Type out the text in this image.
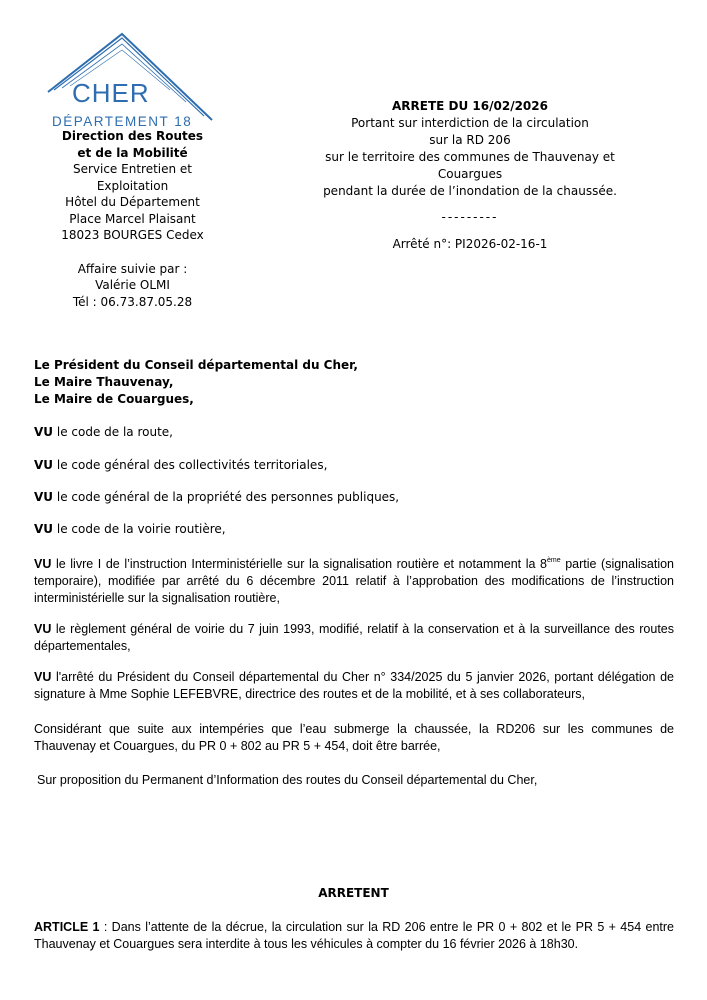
CHER
DÉPARTEMENT 18
Direction des Routes
et de la Mobilité
Service Entretien et
Exploitation
Hôtel du Département
Place Marcel Plaisant
18023 BOURGES Cedex
Affaire suivie par :
Valérie OLMI
Tél : 06.73.87.05.28
ARRETE DU 16/02/2026
Portant sur interdiction de la circulation
sur la RD 206
sur le territoire des communes de Thauvenay et Couargues
pendant la durée de l’inondation de la chaussée.
---------
Arrêté n°: PI2026-02-16-1
Le Président du Conseil départemental du Cher,
Le Maire Thauvenay,
Le Maire de Couargues,
VU le code de la route,
VU le code général des collectivités territoriales,
VU le code général de la propriété des personnes publiques,
VU le code de la voirie routière,
VU le livre I de l’instruction Interministérielle sur la signalisation routière et notamment la 8ème partie (signalisation temporaire), modifiée par arrêté du 6 décembre 2011 relatif à l’approbation des modifications de l’instruction interministérielle sur la signalisation routière,
VU le règlement général de voirie du 7 juin 1993, modifié, relatif à la conservation et à la surveillance des routes départementales,
VU l'arrêté du Président du Conseil départemental du Cher n° 334/2025 du 5 janvier 2026, portant délégation de signature à Mme Sophie LEFEBVRE, directrice des routes et de la mobilité, et à ses collaborateurs,
Considérant que suite aux intempéries que l’eau submerge la chaussée, la RD206 sur les communes de Thauvenay et Couargues, du PR 0 + 802 au PR 5 + 454, doit être barrée,
Sur proposition du Permanent d’Information des routes du Conseil départemental du Cher,
ARRETENT
ARTICLE 1 : Dans l’attente de la décrue, la circulation sur la RD 206 entre le PR 0 + 802 et le PR 5 + 454 entre Thauvenay et Couargues sera interdite à tous les véhicules à compter du 16 février 2026 à 18h30.
